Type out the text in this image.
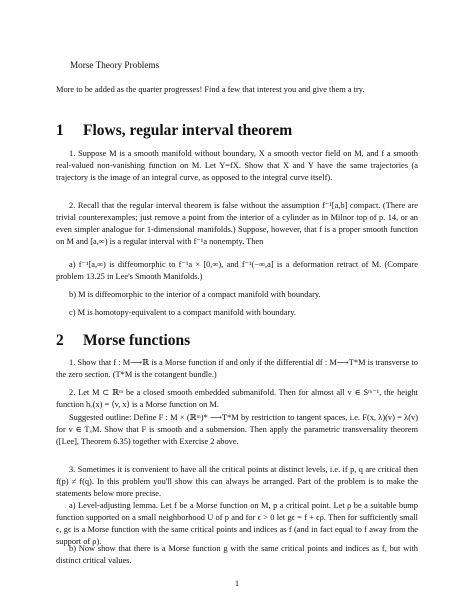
Morse Theory Problems
More to be added as the quarter progresses! Find a few that interest you and give them a try.
1 Flows, regular interval theorem
1. Suppose M is a smooth manifold without boundary, X a smooth vector field on M, and f a smooth real-valued non-vanishing function on M. Let Y=fX. Show that X and Y have the same trajectories (a trajectory is the image of an integral curve, as opposed to the integral curve itself).
2. Recall that the regular interval theorem is false without the assumption f⁻¹[a,b] compact. (There are trivial counterexamples; just remove a point from the interior of a cylinder as in Milnor top of p. 14, or an even simpler analogue for 1-dimensional manifolds.) Suppose, however, that f is a proper smooth function on M and [a,∞) is a regular interval with f⁻¹a nonempty. Then
a) f⁻¹[a,∞) is diffeomorphic to f⁻¹a × [0,∞), and f⁻¹(−∞,a] is a deformation retract of M. (Compare problem 13.25 in Lee's Smooth Manifolds.)
b) M is diffeomorphic to the interior of a compact manifold with boundary.
c) M is homotopy-equivalent to a compact manifold with boundary.
2 Morse functions
1. Show that f : M⟶ℝ is a Morse function if and only if the differential df : M⟶T*M is transverse to the zero section. (T*M is the cotangent bundle.)
2. Let M ⊂ ℝᵐ be a closed smooth embedded submanifold. Then for almost all v ∈ Sᵐ⁻¹, the height function hᵥ(x) = ⟨v, x⟩ is a Morse function on M.
Suggested outline: Define F : M × (ℝᵐ)* ⟶T*M by restriction to tangent spaces, i.e. F(x, λ)(v) = λ(v) for v ∈ TₓM. Show that F is smooth and a submersion. Then apply the parametric transversality theorem ([Lee], Theorem 6.35) together with Exercise 2 above.
3. Sometimes it is convenient to have all the critical points at distinct levels, i.e. if p, q are critical then f(p) ≠ f(q). In this problem you'll show this can always be arranged. Part of the problem is to make the statements below more precise.
a) Level-adjusting lemma. Let f be a Morse function on M, p a critical point. Let ρ be a suitable bump function supported on a small neighborhood U of p and for ϵ > 0 let gϵ = f + ϵρ. Then for sufficiently small ϵ, gϵ is a Morse function with the same critical points and indices as f (and in fact equal to f away from the support of ρ).
b) Now show that there is a Morse function g with the same critical points and indices as f, but with distinct critical values.
1
